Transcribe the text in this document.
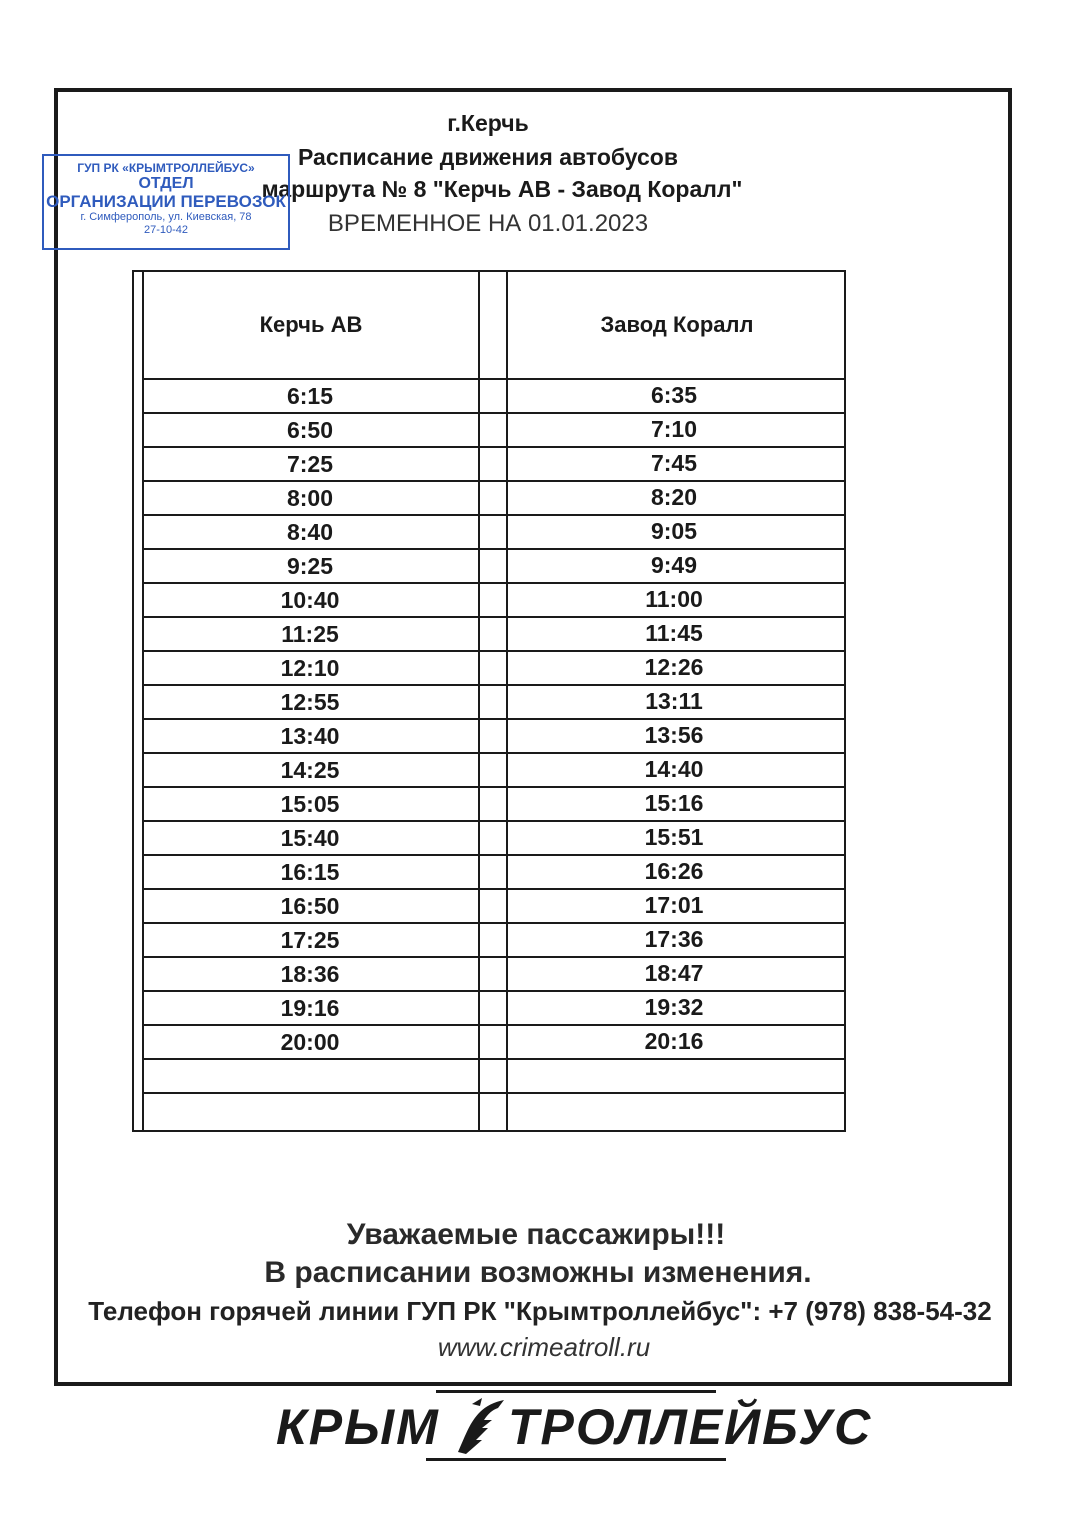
г.Керчь
Расписание движения автобусов
маршрута № 8 "Керчь АВ - Завод Коралл"
ВРЕМЕННОЕ НА 01.01.2023
ГУП РК «КРЫМТРОЛЛЕЙБУС»
ОТДЕЛ
ОРГАНИЗАЦИИ ПЕРЕВОЗОК
г. Симферополь, ул. Киевская, 78
27-10-42
Керчь АВ	Завод Коралл
6:15	6:35
6:50	7:10
7:25	7:45
8:00	8:20
8:40	9:05
9:25	9:49
10:40	11:00
11:25	11:45
12:10	12:26
12:55	13:11
13:40	13:56
14:25	14:40
15:05	15:16
15:40	15:51
16:15	16:26
16:50	17:01
17:25	17:36
18:36	18:47
19:16	19:32
20:00	20:16
Уважаемые пассажиры!!!
В расписании возможны изменения.
Телефон горячей линии ГУП РК "Крымтроллейбус": +7 (978) 838-54-32
www.crimeatroll.ru
КРЫМ ТРОЛЛЕЙБУС
